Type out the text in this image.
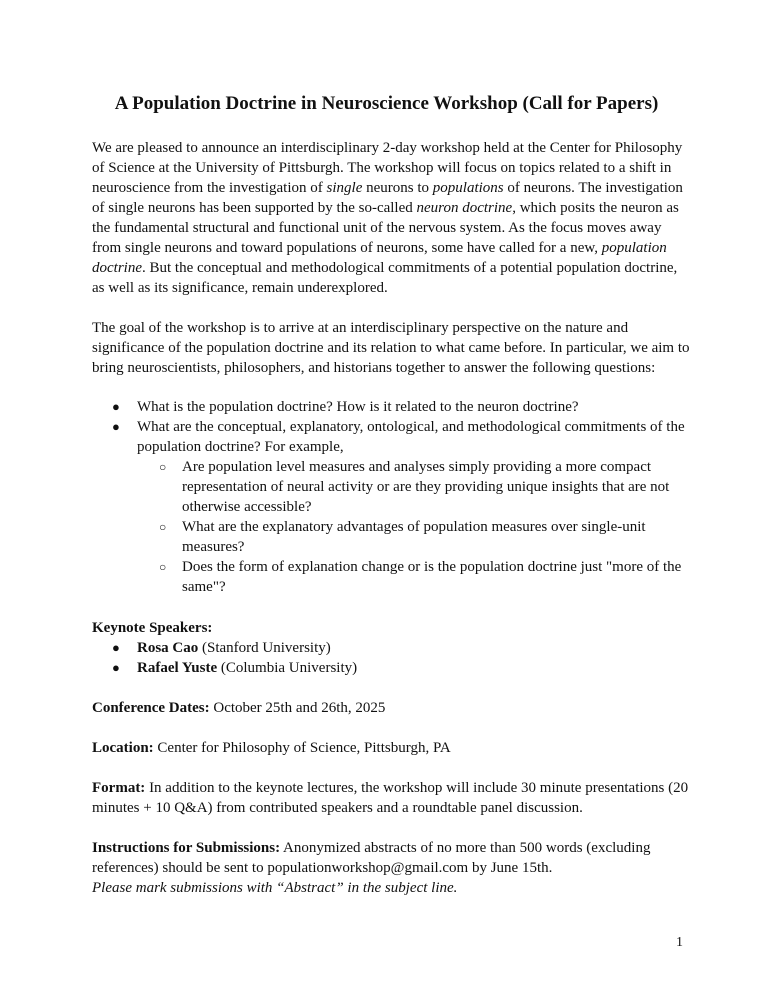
A Population Doctrine in Neuroscience Workshop (Call for Papers)

We are pleased to announce an interdisciplinary 2-day workshop held at the Center for Philosophy of Science at the University of Pittsburgh. The workshop will focus on topics related to a shift in neuroscience from the investigation of single neurons to populations of neurons. The investigation of single neurons has been supported by the so-called neuron doctrine, which posits the neuron as the fundamental structural and functional unit of the nervous system. As the focus moves away from single neurons and toward populations of neurons, some have called for a new, population doctrine. But the conceptual and methodological commitments of a potential population doctrine, as well as its significance, remain underexplored.

The goal of the workshop is to arrive at an interdisciplinary perspective on the nature and significance of the population doctrine and its relation to what came before. In particular, we aim to bring neuroscientists, philosophers, and historians together to answer the following questions:

● What is the population doctrine? How is it related to the neuron doctrine?
● What are the conceptual, explanatory, ontological, and methodological commitments of the population doctrine? For example,
○ Are population level measures and analyses simply providing a more compact representation of neural activity or are they providing unique insights that are not otherwise accessible?
○ What are the explanatory advantages of population measures over single-unit measures?
○ Does the form of explanation change or is the population doctrine just "more of the same"?
Keynote Speakers:
● Rosa Cao (Stanford University)
● Rafael Yuste (Columbia University)
Conference Dates: October 25th and 26th, 2025
Location: Center for Philosophy of Science, Pittsburgh, PA
Format: In addition to the keynote lectures, the workshop will include 30 minute presentations (20 minutes + 10 Q&A) from contributed speakers and a roundtable panel discussion.
Instructions for Submissions: Anonymized abstracts of no more than 500 words (excluding references) should be sent to populationworkshop@gmail.com by June 15th.
Please mark submissions with “Abstract” in the subject line.
1
